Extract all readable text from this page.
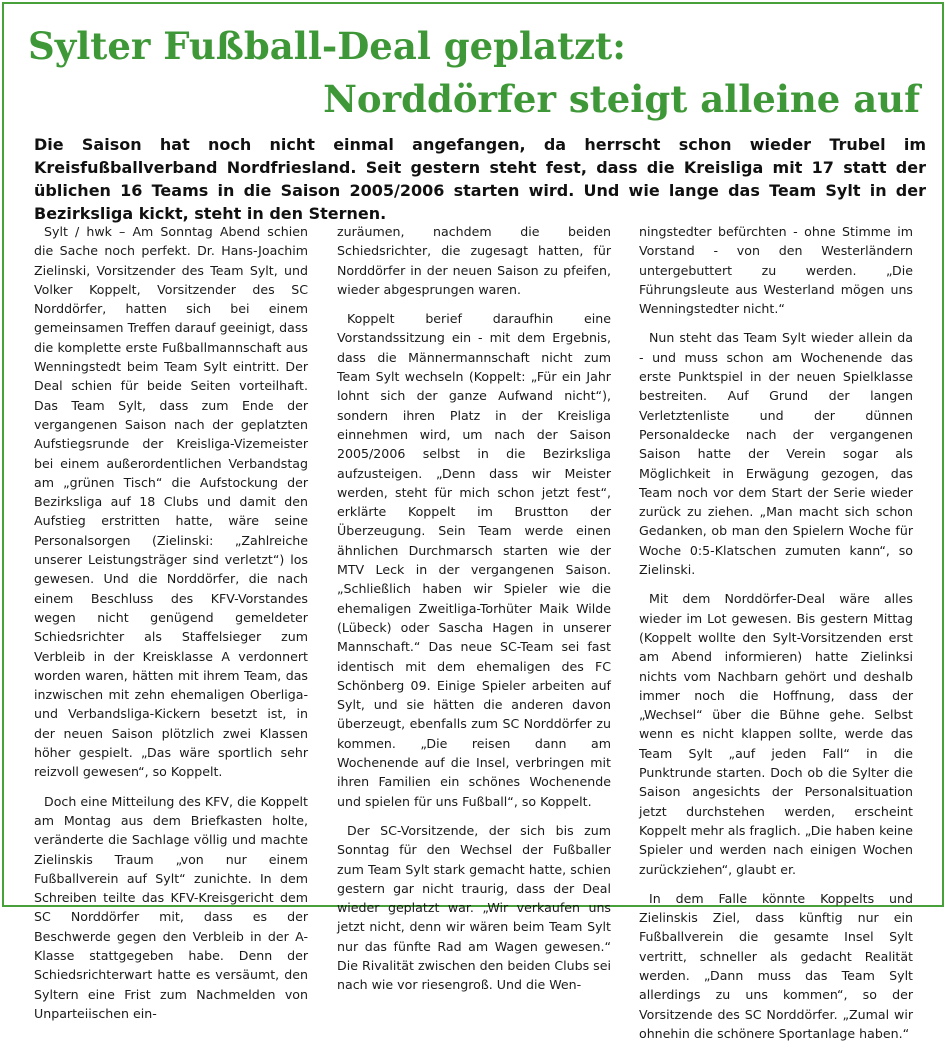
Sylter Fußball-Deal geplatzt:
Norddörfer steigt alleine auf
Die Saison hat noch nicht einmal angefangen, da herrscht schon wieder Trubel im Kreisfußballverband Nordfriesland. Seit gestern steht fest, dass die Kreisliga mit 17 statt der üblichen 16 Teams in die Saison 2005/2006 starten wird. Und wie lange das Team Sylt in der Bezirksliga kickt, steht in den Sternen.

Sylt / hwk – Am Sonntag Abend schien die Sache noch perfekt. Dr. Hans-Joachim Zielinski, Vorsitzender des Team Sylt, und Volker Koppelt, Vorsitzender des SC Norddörfer, hatten sich bei einem gemeinsamen Treffen darauf geeinigt, dass die komplette erste Fußballmannschaft aus Wenningstedt beim Team Sylt eintritt. Der Deal schien für beide Seiten vorteilhaft. Das Team Sylt, dass zum Ende der vergangenen Saison nach der geplatzten Aufstiegsrunde der Kreisliga-Vizemeister bei einem außerordentlichen Verbandstag am „grünen Tisch“ die Aufstockung der Bezirksliga auf 18 Clubs und damit den Aufstieg erstritten hatte, wäre seine Personalsorgen (Zielinski: „Zahlreiche unserer Leistungsträger sind verletzt“) los gewesen. Und die Norddörfer, die nach einem Beschluss des KFV-Vorstandes wegen nicht genügend gemeldeter Schiedsrichter als Staffelsieger zum Verbleib in der Kreisklasse A verdonnert worden waren, hätten mit ihrem Team, das inzwischen mit zehn ehemaligen Oberliga- und Verbandsliga-Kickern besetzt ist, in der neuen Saison plötzlich zwei Klassen höher gespielt. „Das wäre sportlich sehr reizvoll gewesen“, so Koppelt.

Doch eine Mitteilung des KFV, die Koppelt am Montag aus dem Briefkasten holte, veränderte die Sachlage völlig und machte Zielinskis Traum „von nur einem Fußballverein auf Sylt“ zunichte. In dem Schreiben teilte das KFV-Kreisgericht dem SC Norddörfer mit, dass es der Beschwerde gegen den Verbleib in der A-Klasse stattgegeben habe. Denn der Schiedsrichterwart hatte es versäumt, den Syltern eine Frist zum Nachmelden von Unparteiischen ein-

zuräumen, nachdem die beiden Schiedsrichter, die zugesagt hatten, für Norddörfer in der neuen Saison zu pfeifen, wieder abgesprungen waren.

Koppelt berief daraufhin eine Vorstandssitzung ein - mit dem Ergebnis, dass die Männermannschaft nicht zum Team Sylt wechseln (Koppelt: „Für ein Jahr lohnt sich der ganze Aufwand nicht“), sondern ihren Platz in der Kreisliga einnehmen wird, um nach der Saison 2005/2006 selbst in die Bezirksliga aufzusteigen. „Denn dass wir Meister werden, steht für mich schon jetzt fest“, erklärte Koppelt im Brustton der Überzeugung. Sein Team werde einen ähnlichen Durchmarsch starten wie der MTV Leck in der vergangenen Saison. „Schließlich haben wir Spieler wie die ehemaligen Zweitliga-Torhüter Maik Wilde (Lübeck) oder Sascha Hagen in unserer Mannschaft.“ Das neue SC-Team sei fast identisch mit dem ehemaligen des FC Schönberg 09. Einige Spieler arbeiten auf Sylt, und sie hätten die anderen davon überzeugt, ebenfalls zum SC Norddörfer zu kommen. „Die reisen dann am Wochenende auf die Insel, verbringen mit ihren Familien ein schönes Wochenende und spielen für uns Fußball“, so Koppelt.

Der SC-Vorsitzende, der sich bis zum Sonntag für den Wechsel der Fußballer zum Team Sylt stark gemacht hatte, schien gestern gar nicht traurig, dass der Deal wieder geplatzt war. „Wir verkaufen uns jetzt nicht, denn wir wären beim Team Sylt nur das fünfte Rad am Wagen gewesen.“ Die Rivalität zwischen den beiden Clubs sei nach wie vor riesengroß. Und die Wen-

ningstedter befürchten - ohne Stimme im Vorstand - von den Westerländern untergebuttert zu werden. „Die Führungsleute aus Westerland mögen uns Wenningstedter nicht.“

Nun steht das Team Sylt wieder allein da - und muss schon am Wochenende das erste Punktspiel in der neuen Spielklasse bestreiten. Auf Grund der langen Verletztenliste und der dünnen Personaldecke nach der vergangenen Saison hatte der Verein sogar als Möglichkeit in Erwägung gezogen, das Team noch vor dem Start der Serie wieder zurück zu ziehen. „Man macht sich schon Gedanken, ob man den Spielern Woche für Woche 0:5-Klatschen zumuten kann“, so Zielinski.

Mit dem Norddörfer-Deal wäre alles wieder im Lot gewesen. Bis gestern Mittag (Koppelt wollte den Sylt-Vorsitzenden erst am Abend informieren) hatte Zielinksi nichts vom Nachbarn gehört und deshalb immer noch die Hoffnung, dass der „Wechsel“ über die Bühne gehe. Selbst wenn es nicht klappen sollte, werde das Team Sylt „auf jeden Fall“ in die Punktrunde starten. Doch ob die Sylter die Saison angesichts der Personalsituation jetzt durchstehen werden, erscheint Koppelt mehr als fraglich. „Die haben keine Spieler und werden nach einigen Wochen zurückziehen“, glaubt er.

In dem Falle könnte Koppelts und Zielinskis Ziel, dass künftig nur ein Fußballverein die gesamte Insel Sylt vertritt, schneller als gedacht Realität werden. „Dann muss das Team Sylt allerdings zu uns kommen“, so der Vorsitzende des SC Norddörfer. „Zumal wir ohnehin die schönere Sportanlage haben.“
